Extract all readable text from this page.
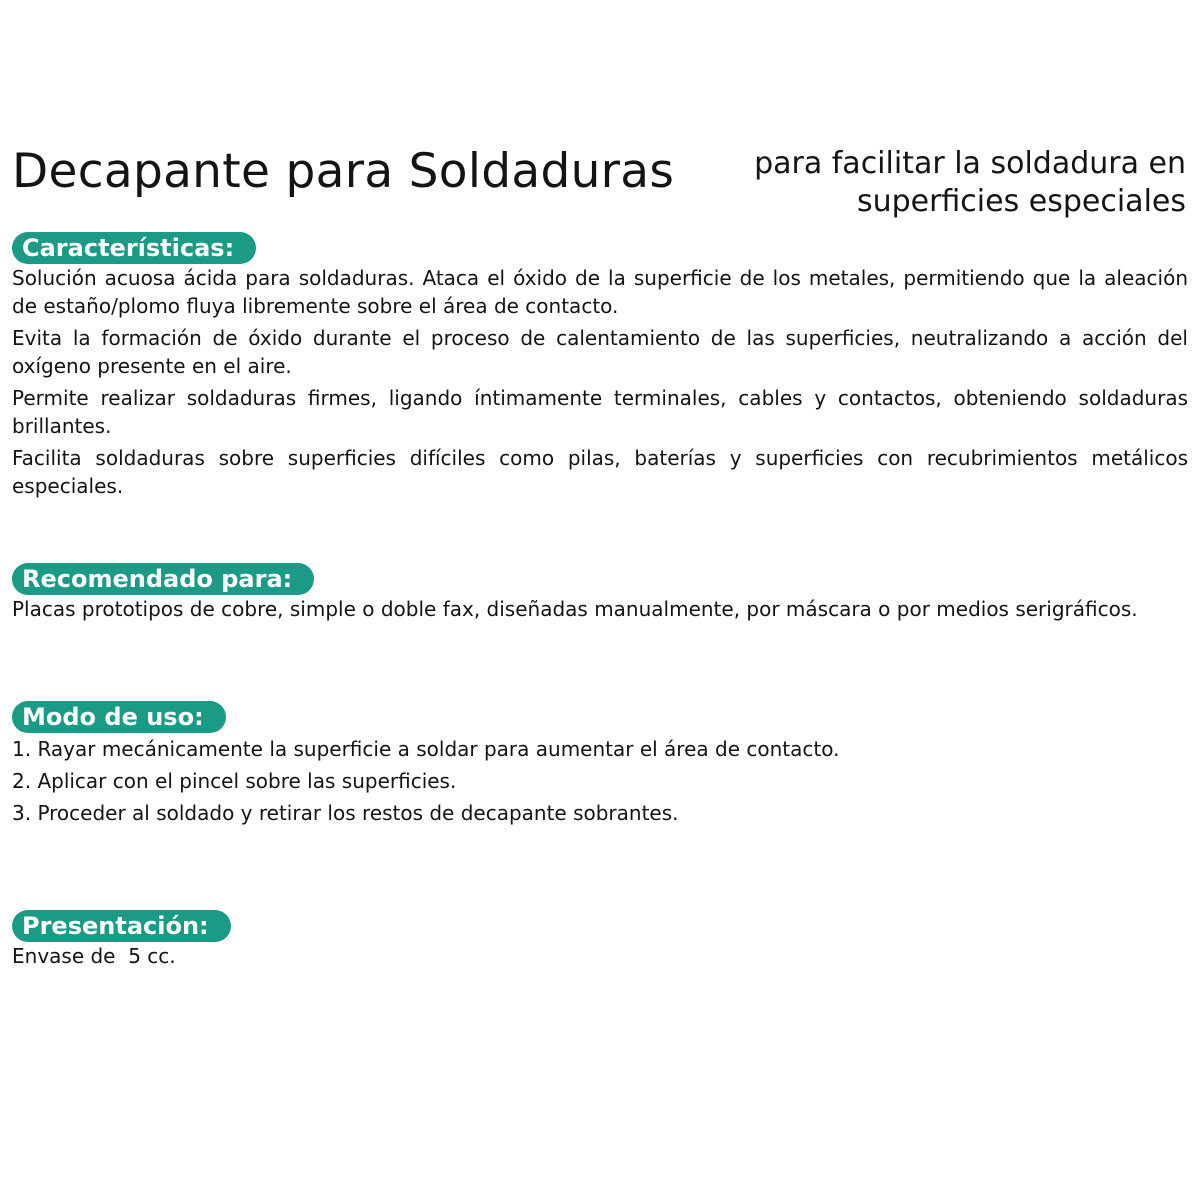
Decapante para Soldaduras	para facilitar la soldadura en
superficies especiales
Características:

Solución acuosa ácida para soldaduras. Ataca el óxido de la superficie de los metales, permitiendo que la aleación de estaño/plomo fluya libremente sobre el área de contacto.

Evita la formación de óxido durante el proceso de calentamiento de las superficies, neutralizando a acción del oxígeno presente en el aire.

Permite realizar soldaduras firmes, ligando íntimamente terminales, cables y contactos, obteniendo soldaduras brillantes.

Facilita soldaduras sobre superficies difíciles como pilas, baterías y superficies con recubrimientos metálicos especiales.

Recomendado para:

Placas prototipos de cobre, simple o doble fax, diseñadas manualmente, por máscara o por medios serigráficos.

Modo de uso:

1. Rayar mecánicamente la superficie a soldar para aumentar el área de contacto.

2. Aplicar con el pincel sobre las superficies.

3. Proceder al soldado y retirar los restos de decapante sobrantes.

Presentación:

Envase de  5 cc.
